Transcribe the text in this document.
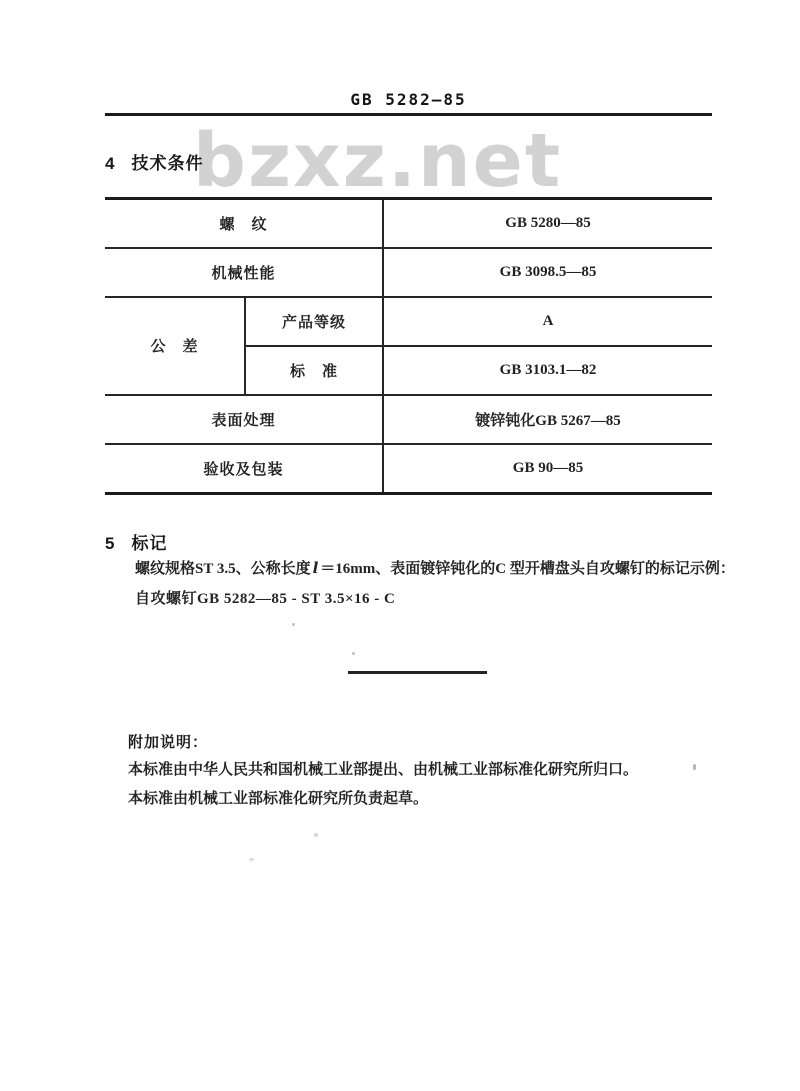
bzxz.net
GB 5282—85
4 技术条件
螺　纹		GB 5280—85
机械性能		GB 3098.5—85
公　差	产品等级	A
	标　准	GB 3103.1—82
表面处理		镀锌钝化GB 5267—85
验收及包装		GB 90—85
5 标记

螺纹规格ST 3.5、公称长度 l ＝16mm、表面镀锌钝化的C 型开槽盘头自攻螺钉的标记示例：

自攻螺钉GB 5282—85 - ST 3.5×16 - C

附加说明：

本标准由中华人民共和国机械工业部提出、由机械工业部标准化研究所归口。

本标准由机械工业部标准化研究所负责起草。
